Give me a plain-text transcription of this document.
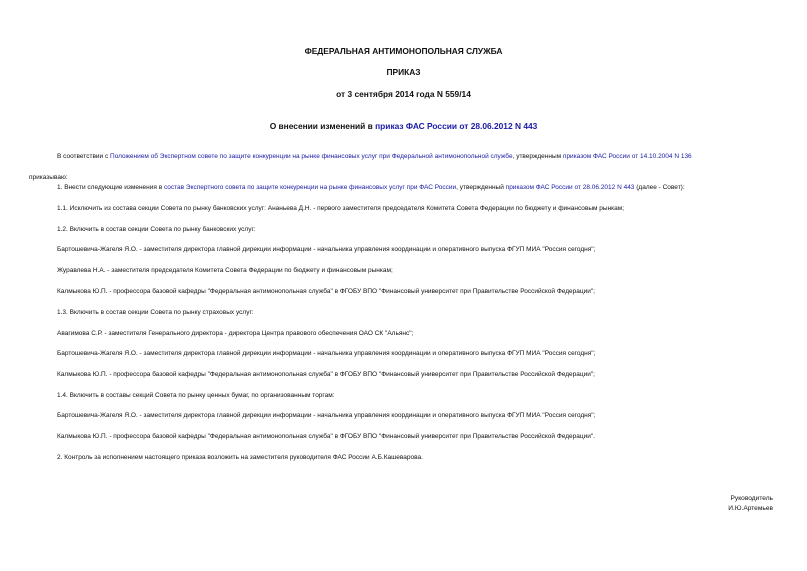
ФЕДЕРАЛЬНАЯ АНТИМОНОПОЛЬНАЯ СЛУЖБА
ПРИКАЗ
от 3 сентября 2014 года N 559/14
О внесении изменений в приказ ФАС России от 28.06.2012 N 443
В соответствии с Положением об Экспертном совете по защите конкуренции на рынке финансовых услуг при Федеральной антимонопольной службе, утвержденным приказом ФАС России от 14.10.2004 N 136
приказываю:
1. Внести следующие изменения в состав Экспертного совета по защите конкуренции на рынке финансовых услуг при ФАС России, утвержденный приказом ФАС России от 28.06.2012 N 443 (далее - Совет):
1.1. Исключить из состава секции Совета по рынку банковских услуг: Ананьева Д.Н. - первого заместителя председателя Комитета Совета Федерации по бюджету и финансовым рынкам;
1.2. Включить в состав секции Совета по рынку банковских услуг:
Бартошевича-Жагеля Я.О. - заместителя директора главной дирекции информации - начальника управления координации и оперативного выпуска ФГУП МИА "Россия сегодня";
Журавлева Н.А. - заместителя председателя Комитета Совета Федерации по бюджету и финансовым рынкам;
Калмыкова Ю.П. - профессора базовой кафедры "Федеральная антимонопольная служба" в ФГОБУ ВПО "Финансовый университет при Правительстве Российской Федерации";
1.3. Включить в состав секции Совета по рынку страховых услуг:
Авагимова С.Р. - заместителя Генерального директора - директора Центра правового обеспечения ОАО СК "Альянс";
Бартошевича-Жагеля Я.О. - заместителя директора главной дирекции информации - начальника управления координации и оперативного выпуска ФГУП МИА "Россия сегодня";
Калмыкова Ю.П. - профессора базовой кафедры "Федеральная антимонопольная служба" в ФГОБУ ВПО "Финансовый университет при Правительстве Российской Федерации";
1.4. Включить в составы секций Совета по рынку ценных бумаг, по организованным торгам:
Бартошевича-Жагеля Я.О. - заместителя директора главной дирекции информации - начальника управления координации и оперативного выпуска ФГУП МИА "Россия сегодня";
Калмыкова Ю.П. - профессора базовой кафедры "Федеральная антимонопольная служба" в ФГОБУ ВПО "Финансовый университет при Правительстве Российской Федерации".
2. Контроль за исполнением настоящего приказа возложить на заместителя руководителя ФАС России А.Б.Кашеварова.
Руководитель
И.Ю.Артемьев
